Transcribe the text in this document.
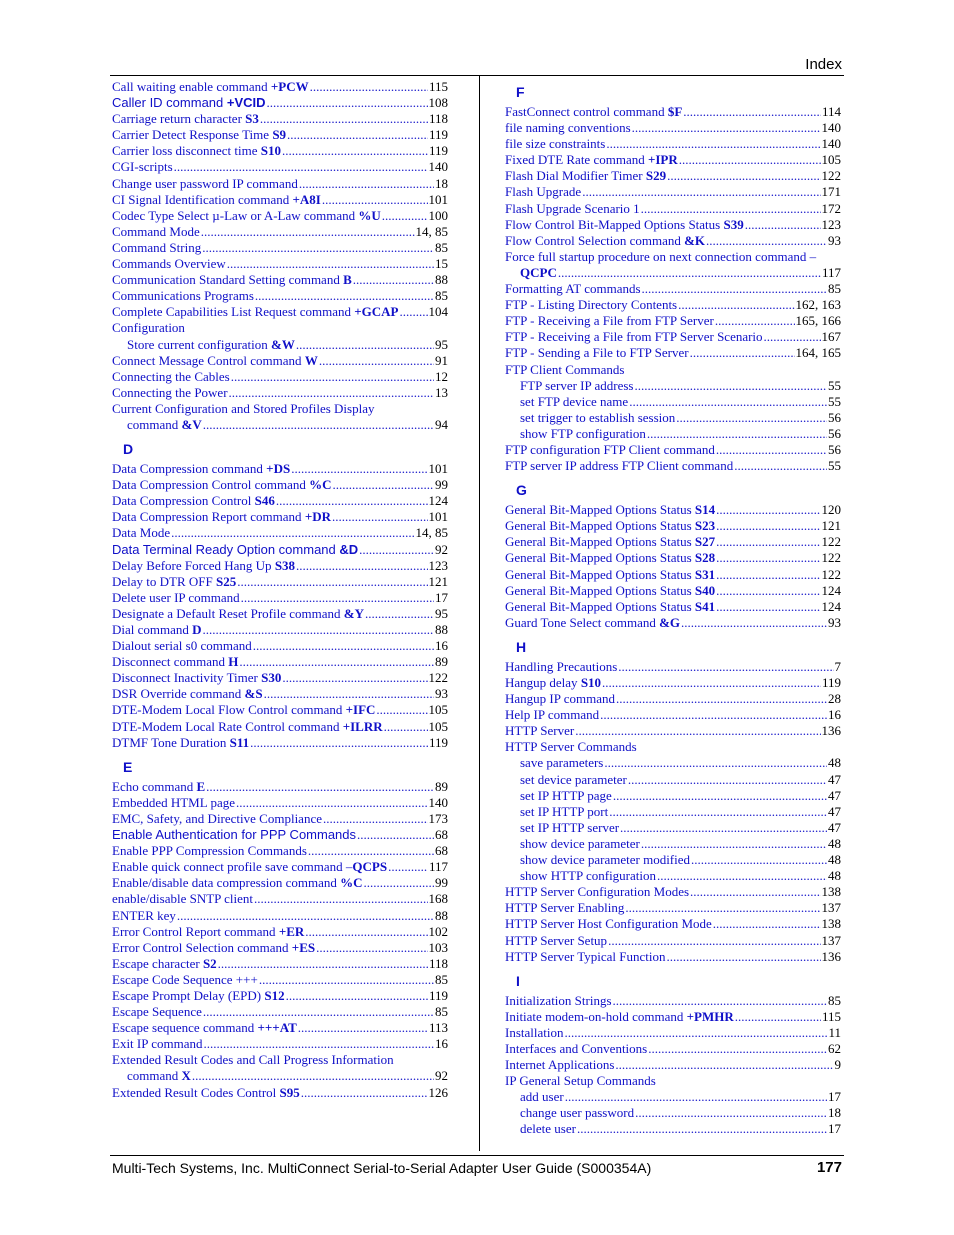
Index
Call waiting enable command +PCW .....	115
Caller ID command +VCID .....	108
Carriage return character S3 .....	118
Carrier Detect Response Time S9 .....	119
Carrier loss disconnect time S10 .....	119
CGI-scripts .....	140
Change user password IP command .....	18
CI Signal Identification command +A8I .....	101
Codec Type Select µ-Law or A-Law command %U .....	100
Command Mode .....	14, 85
Command String .....	85
Commands Overview .....	15
Communication Standard Setting command B .....	88
Communications Programs .....	85
Complete Capabilities List Request command +GCAP ..... 104
Configuration
Store current configuration &W .....	95
Connect Message Control command W .....	91
Connecting the Cables .....	12
Connecting the Power .....	13
Current Configuration and Stored Profiles Display
command &V .....	94
D
Data Compression command +DS .....	101
Data Compression Control command %C .....	99
Data Compression Control S46 .....	124
Data Compression Report command +DR .....	101
Data Mode .....	14, 85
Data Terminal Ready Option command &D .....	92
Delay Before Forced Hang Up S38 .....	123
Delay to DTR OFF S25 .....	121
Delete user IP command .....	17
Designate a Default Reset Profile command &Y .....	95
Dial command D .....	88
Dialout serial s0 command .....	16
Disconnect command H .....	89
Disconnect Inactivity Timer S30 .....	122
DSR Override command &S .....	93
DTE-Modem Local Flow Control command +IFC .....	105
DTE-Modem Local Rate Control command +ILRR .....	105
DTMF Tone Duration S11 .....	119
E
Echo command E .....	89
Embedded HTML page .....	140
EMC, Safety, and Directive Compliance .....	173
Enable Authentication for PPP Commands .....	68
Enable PPP Compression Commands .....	68
Enable quick connect profile save command –QCPS .....	117
Enable/disable data compression command %C .....	99
enable/disable SNTP client .....	168
ENTER key .....	88
Error Control Report command +ER .....	102
Error Control Selection command +ES .....	103
Escape character S2 .....	118
Escape Code Sequence +++ .....	85
Escape Prompt Delay (EPD) S12 .....	119
Escape Sequence .....	85
Escape sequence command +++AT .....	113
Exit IP command .....	16
Extended Result Codes and Call Progress Information
command X .....	92
Extended Result Codes Control S95 .....	126
F
FastConnect control command $F .....	114
file naming conventions .....	140
file size constraints .....	140
Fixed DTE Rate command +IPR .....	105
Flash Dial Modifier Timer S29 .....	122
Flash Upgrade .....	171
Flash Upgrade Scenario 1 .....	172
Flow Control Bit-Mapped Options Status S39 .....	123
Flow Control Selection command &K .....	93
Force full startup procedure on next connection command –
QCPC .....	117
Formatting AT commands .....	85
FTP - Listing Directory Contents .....	162, 163
FTP - Receiving a File from FTP Server .....	165, 166
FTP - Receiving a File from FTP Server Scenario .....	167
FTP - Sending a File to FTP Server .....	164, 165
FTP Client Commands
FTP server IP address .....	55
set FTP device name .....	55
set trigger to establish session .....	56
show FTP configuration .....	56
FTP configuration FTP Client command .....	56
FTP server IP address FTP Client command .....	55
G
General Bit-Mapped Options Status S14 .....	120
General Bit-Mapped Options Status S23 .....	121
General Bit-Mapped Options Status S27 .....	122
General Bit-Mapped Options Status S28 .....	122
General Bit-Mapped Options Status S31 .....	122
General Bit-Mapped Options Status S40 .....	124
General Bit-Mapped Options Status S41 .....	124
Guard Tone Select command &G .....	93
H
Handling Precautions .....	7
Hangup delay S10 .....	119
Hangup IP command .....	28
Help IP command .....	16
HTTP Server .....	136
HTTP Server Commands
save parameters .....	48
set device parameter .....	47
set IP HTTP page .....	47
set IP HTTP port .....	47
set IP HTTP server .....	47
show device parameter .....	48
show device parameter modified .....	48
show HTTP configuration .....	48
HTTP Server Configuration Modes .....	138
HTTP Server Enabling .....	137
HTTP Server Host Configuration Mode .....	138
HTTP Server Setup .....	137
HTTP Server Typical Function .....	136
I
Initialization Strings .....	85
Initiate modem-on-hold command +PMHR .....	115
Installation .....	11
Interfaces and Conventions .....	62
Internet Applications .....	9
IP General Setup Commands
add user .....	17
change user password .....	18
delete user .....	17
Multi-Tech Systems, Inc. MultiConnect Serial-to-Serial Adapter User Guide (S000354A)	177
